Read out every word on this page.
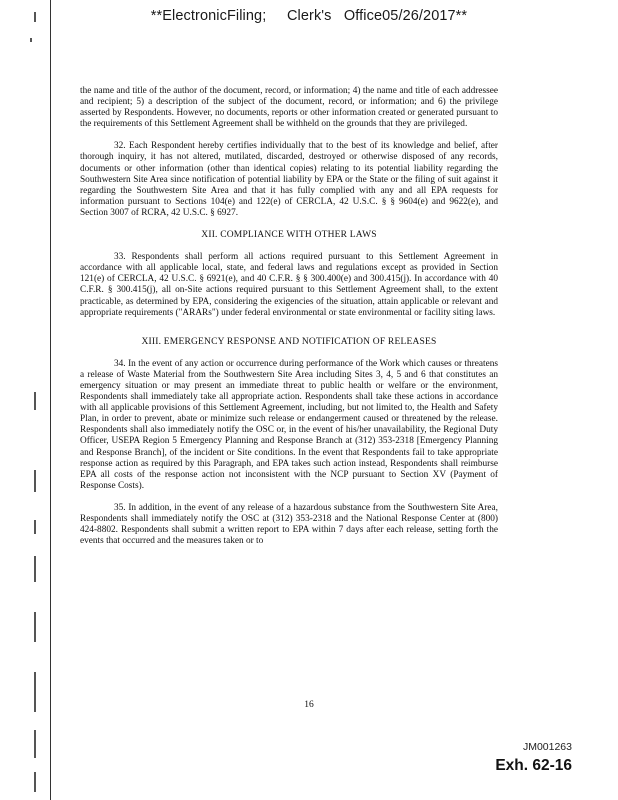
**ElectronicFiling;     Clerk's   Office05/26/2017**

the name and title of the author of the document, record, or information; 4) the name and title of each addressee and recipient; 5) a description of the subject of the document, record, or information; and 6) the privilege asserted by Respondents. However, no documents, reports or other information created or generated pursuant to the requirements of this Settlement Agreement shall be withheld on the grounds that they are privileged.

32. Each Respondent hereby certifies individually that to the best of its knowledge and belief, after thorough inquiry, it has not altered, mutilated, discarded, destroyed or otherwise disposed of any records, documents or other information (other than identical copies) relating to its potential liability regarding the Southwestern Site Area since notification of potential liability by EPA or the State or the filing of suit against it regarding the Southwestern Site Area and that it has fully complied with any and all EPA requests for information pursuant to Sections 104(e) and 122(e) of CERCLA, 42 U.S.C. § § 9604(e) and 9622(e), and Section 3007 of RCRA, 42 U.S.C. § 6927.

XII. COMPLIANCE WITH OTHER LAWS

33. Respondents shall perform all actions required pursuant to this Settlement Agreement in accordance with all applicable local, state, and federal laws and regulations except as provided in Section 121(e) of CERCLA, 42 U.S.C. § 6921(e), and 40 C.F.R. § § 300.400(e) and 300.415(j). In accordance with 40 C.F.R. § 300.415(j), all on-Site actions required pursuant to this Settlement Agreement shall, to the extent practicable, as determined by EPA, considering the exigencies of the situation, attain applicable or relevant and appropriate requirements ("ARARs") under federal environmental or state environmental or facility siting laws.

XIII. EMERGENCY RESPONSE AND NOTIFICATION OF RELEASES

34. In the event of any action or occurrence during performance of the Work which causes or threatens a release of Waste Material from the Southwestern Site Area including Sites 3, 4, 5 and 6 that constitutes an emergency situation or may present an immediate threat to public health or welfare or the environment, Respondents shall immediately take all appropriate action. Respondents shall take these actions in accordance with all applicable provisions of this Settlement Agreement, including, but not limited to, the Health and Safety Plan, in order to prevent, abate or minimize such release or endangerment caused or threatened by the release. Respondents shall also immediately notify the OSC or, in the event of his/her unavailability, the Regional Duty Officer, USEPA Region 5 Emergency Planning and Response Branch at (312) 353-2318 [Emergency Planning and Response Branch], of the incident or Site conditions. In the event that Respondents fail to take appropriate response action as required by this Paragraph, and EPA takes such action instead, Respondents shall reimburse EPA all costs of the response action not inconsistent with the NCP pursuant to Section XV (Payment of Response Costs).

35. In addition, in the event of any release of a hazardous substance from the Southwestern Site Area, Respondents shall immediately notify the OSC at (312) 353-2318 and the National Response Center at (800) 424-8802. Respondents shall submit a written report to EPA within 7 days after each release, setting forth the events that occurred and the measures taken or to

16
JM001263
Exh. 62-16
